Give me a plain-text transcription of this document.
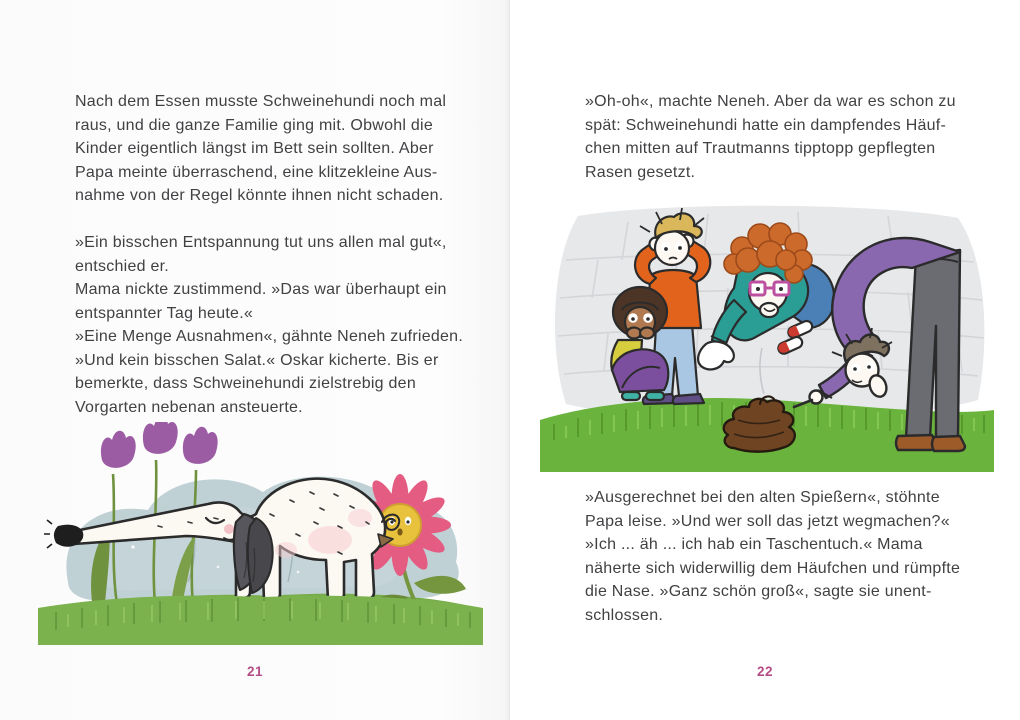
Nach dem Essen musste Schweinehundi noch mal
raus, und die ganze Familie ging mit. Obwohl die
Kinder eigentlich längst im Bett sein sollten. Aber
Papa meinte überraschend, eine klitzekleine Aus-
nahme von der Regel könnte ihnen nicht schaden.
»Ein bisschen Entspannung tut uns allen mal gut«,
entschied er.
Mama nickte zustimmend. »Das war überhaupt ein
entspannter Tag heute.«
»Eine Menge Ausnahmen«, gähnte Neneh zufrieden.
»Und kein bisschen Salat.« Oskar kicherte. Bis er
bemerkte, dass Schweinehundi zielstrebig den
Vorgarten nebenan ansteuerte.
21
»Oh-oh«, machte Neneh. Aber da war es schon zu
spät: Schweinehundi hatte ein dampfendes Häuf-
chen mitten auf Trautmanns tipptopp gepflegten
Rasen gesetzt.
»Ausgerechnet bei den alten Spießern«, stöhnte
Papa leise. »Und wer soll das jetzt wegmachen?«
»Ich ... äh ... ich hab ein Taschentuch.« Mama
näherte sich widerwillig dem Häufchen und rümpfte
die Nase. »Ganz schön groß«, sagte sie unent-
schlossen.
22
